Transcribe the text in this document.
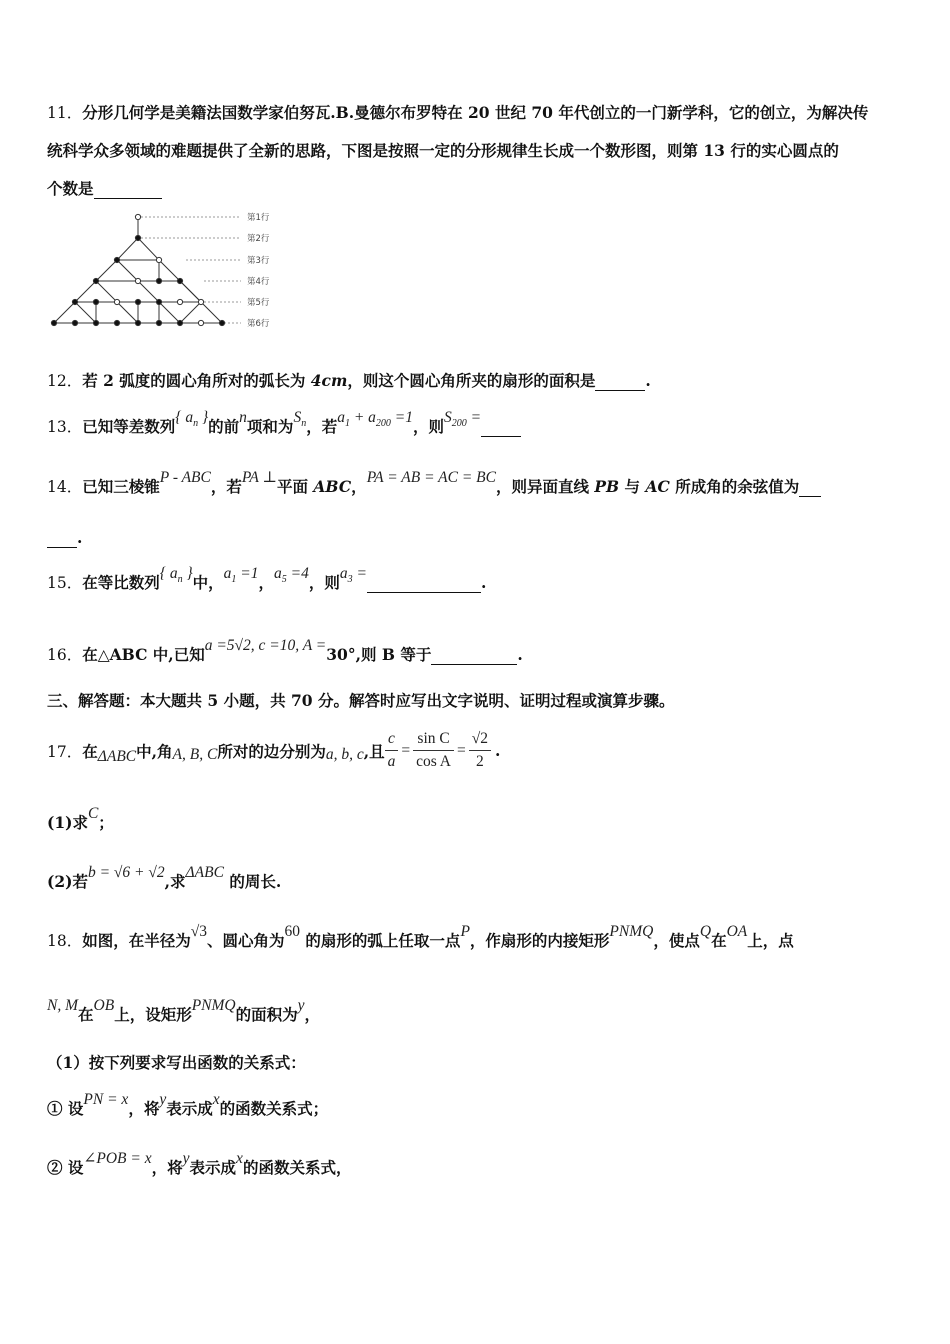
11．分形几何学是美籍法国数学家伯努瓦.B.曼德尔布罗特在 20 世纪 70 年代创立的一门新学科，它的创立，为解决传
统科学众多领域的难题提供了全新的思路，下图是按照一定的分形规律生长成一个数形图，则第 13 行的实心圆点的
个数是
第1行
第2行
第3行
第4行
第5行
第6行
12．若 2 弧度的圆心角所对的弧长为 4cm，则这个圆心角所夹的扇形的面积是	.
13．已知等差数列{ $a_n$ }的前n项和为$S_n$，若$a_1 + a_{200} =1$，则$S_{200}$ =
14．已知三棱锥P - ABC，若PA ⊥平面 ABC，PA = AB = AC = BC，则异面直线 PB 与 AC 所成角的余弦值为
.
15．在等比数列{ $a_n$ }中，$a_1 =1$，$a_5 =4$，则$a_3$ =	.
16．在△ABC 中,已知a =5√2, c =10, A =30°,则 B 等于	.
三、解答题：本大题共 5 小题，共 70 分。解答时应写出文字说明、证明过程或演算步骤。
17． 在 ΔABC 中,角 A, B, C 所对的边分别为 a, b, c ,且 $\frac{c}{a} = \frac{\text{sin C}}{\text{cos A}} = \frac{√2}{2}$ .
(1)求C；
(2)若b = √6 + √2,求ΔABC 的周长.
18．如图，在半径为√3、圆心角为60 的扇形的弧上任取一点P，作扇形的内接矩形PNMQ，使点Q在OA上，点
N, M在OB上，设矩形PNMQ的面积为y，
（1）按下列要求写出函数的关系式：
① 设PN = x，将y表示成x的函数关系式；
② 设∠POB = x，将y表示成x的函数关系式，
